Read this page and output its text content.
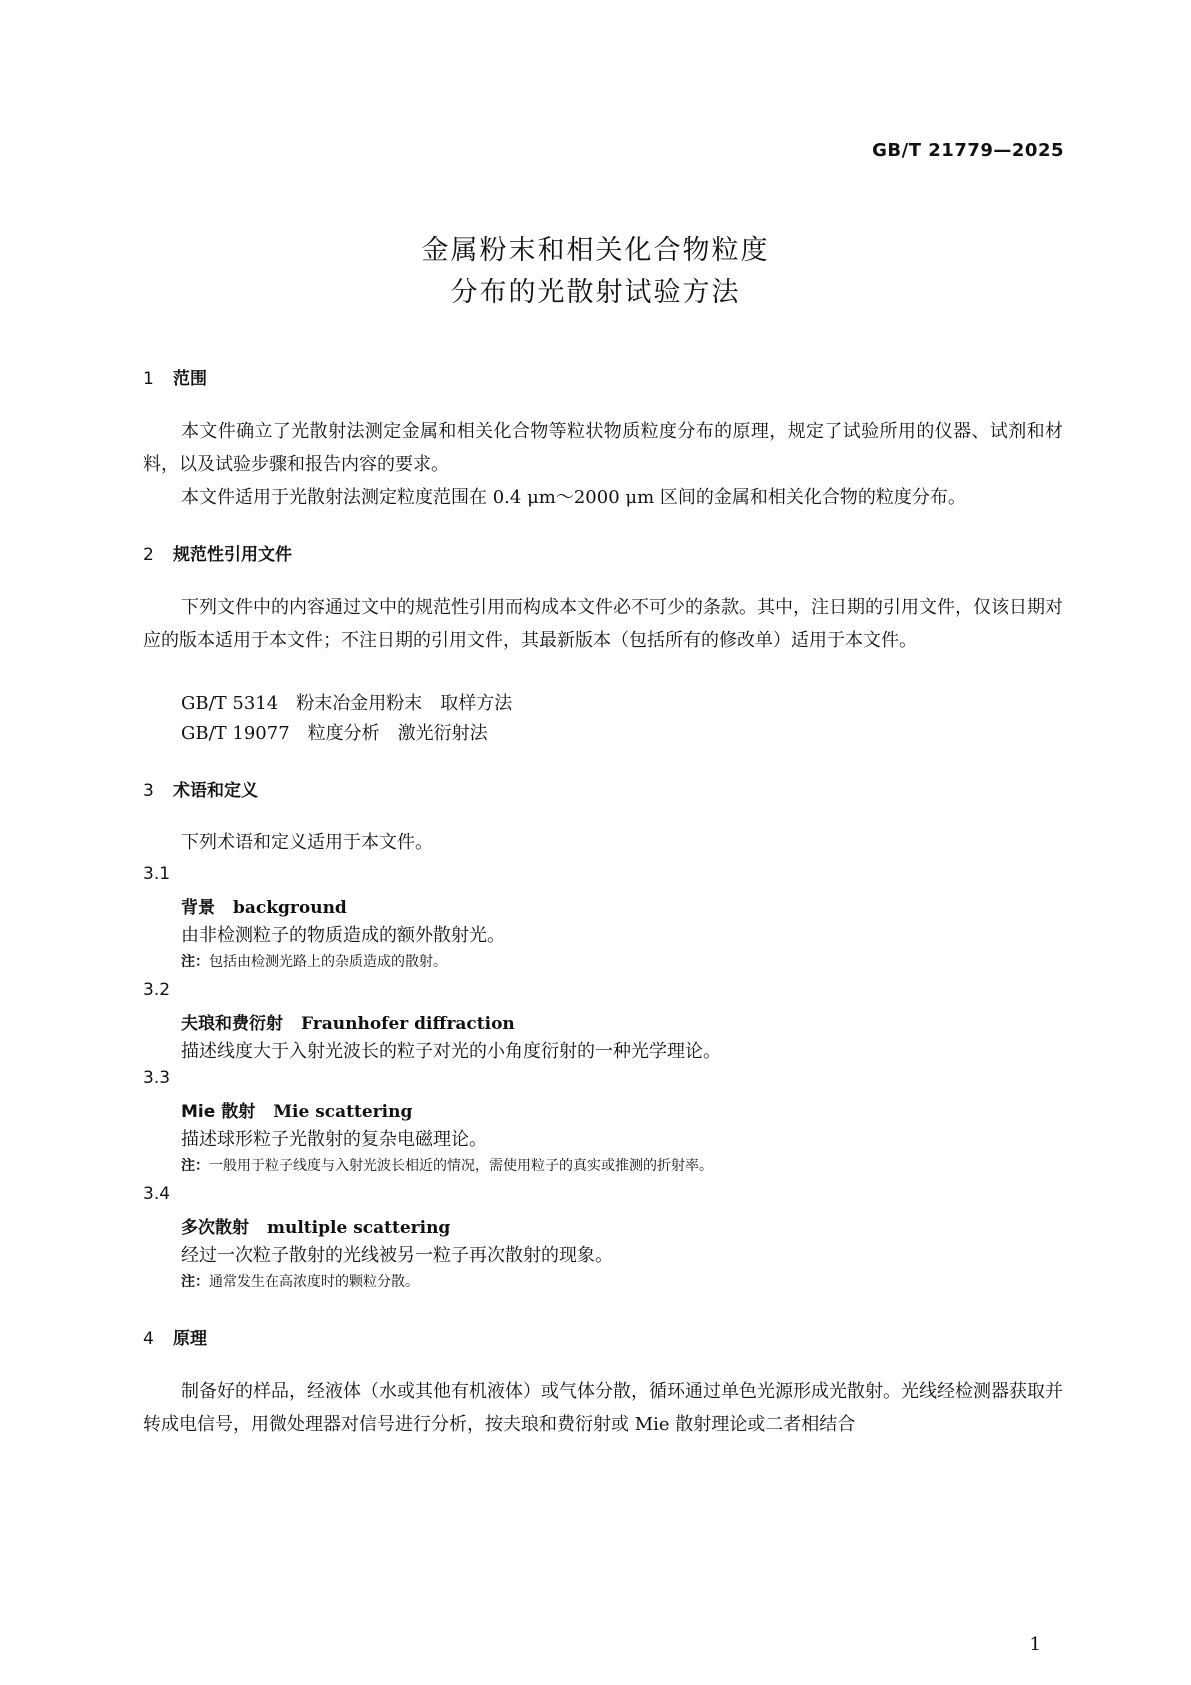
GB/T 21779—2025
金属粉末和相关化合物粒度
分布的光散射试验方法
1 范围
本文件确立了光散射法测定金属和相关化合物等粒状物质粒度分布的原理，规定了试验所用的仪器、试剂和材料，以及试验步骤和报告内容的要求。
本文件适用于光散射法测定粒度范围在 0.4 μm～2000 μm 区间的金属和相关化合物的粒度分布。
2 规范性引用文件
下列文件中的内容通过文中的规范性引用而构成本文件必不可少的条款。其中，注日期的引用文件，仅该日期对应的版本适用于本文件；不注日期的引用文件，其最新版本（包括所有的修改单）适用于本文件。
GB/T 5314　粉末冶金用粉末　取样方法
GB/T 19077　粒度分析　激光衍射法
3 术语和定义
下列术语和定义适用于本文件。
3.1
背景 background
由非检测粒子的物质造成的额外散射光。
注：包括由检测光路上的杂质造成的散射。
3.2
夫琅和费衍射 Fraunhofer diffraction
描述线度大于入射光波长的粒子对光的小角度衍射的一种光学理论。
3.3
Mie 散射 Mie scattering
描述球形粒子光散射的复杂电磁理论。
注：一般用于粒子线度与入射光波长相近的情况，需使用粒子的真实或推测的折射率。
3.4
多次散射 multiple scattering
经过一次粒子散射的光线被另一粒子再次散射的现象。
注：通常发生在高浓度时的颗粒分散。
4 原理
制备好的样品，经液体（水或其他有机液体）或气体分散，循环通过单色光源形成光散射。光线经检测器获取并转成电信号，用微处理器对信号进行分析，按夫琅和费衍射或 Mie 散射理论或二者相结合
1
